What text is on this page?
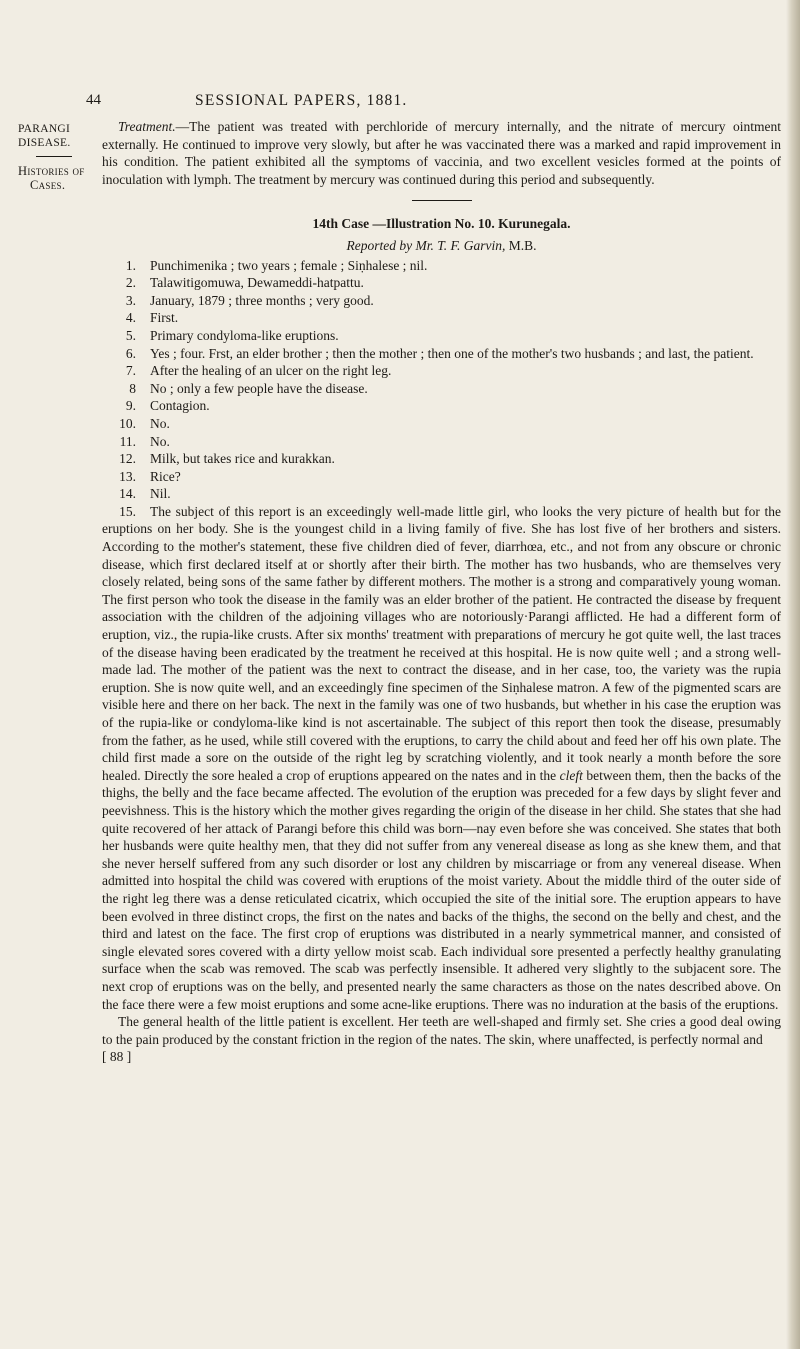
44	SESSIONAL PAPERS, 1881.
PARANGI
DISEASE.
Histories of
Cases.

Treatment.—The patient was treated with perchloride of mercury internally, and the nitrate of mercury ointment externally. He continued to improve very slowly, but after he was vaccinated there was a marked and rapid improvement in his condition. The patient exhibited all the symptoms of vaccinia, and two excellent vesicles formed at the points of inoculation with lymph. The treatment by mercury was continued during this period and subsequently.

14th Case —Illustration No. 10. Kurunegala.
Reported by Mr. T. F. Garvin, M.B.
1. Punchimenika ; two years ; female ; Siṇhalese ; nil.
2. Talawitigomuwa, Dewameddi-hatpattu.
3. January, 1879 ; three months ; very good.
4. First.
5. Primary condyloma-like eruptions.
6. Yes ; four. Frst, an elder brother ; then the mother ; then one of the mother's two husbands ; and last, the patient.
7. After the healing of an ulcer on the right leg.
8 No ; only a few people have the disease.
9. Contagion.
10. No.
11. No.
12. Milk, but takes rice and kurakkan.
13. Rice?
14. Nil.
15. The subject of this report is an exceedingly well-made little girl, who looks the very picture of health but for the eruptions on her body. She is the youngest child in a living family of five. She has lost five of her brothers and sisters. According to the mother's statement, these five children died of fever, diarrhœa, etc., and not from any obscure or chronic disease, which first declared itself at or shortly after their birth. The mother has two husbands, who are themselves very closely related, being sons of the same father by different mothers. The mother is a strong and comparatively young woman. The first person who took the disease in the family was an elder brother of the patient. He contracted the disease by frequent association with the children of the adjoining villages who are notoriously·Parangi afflicted. He had a different form of eruption, viz., the rupia-like crusts. After six months' treatment with preparations of mercury he got quite well, the last traces of the disease having been eradicated by the treatment he received at this hospital. He is now quite well ; and a strong well-made lad. The mother of the patient was the next to contract the disease, and in her case, too, the variety was the rupia eruption. She is now quite well, and an exceedingly fine specimen of the Siṇhalese matron. A few of the pigmented scars are visible here and there on her back. The next in the family was one of two husbands, but whether in his case the eruption was of the rupia-like or condyloma-like kind is not ascertainable. The subject of this report then took the disease, presumably from the father, as he used, while still covered with the eruptions, to carry the child about and feed her off his own plate. The child first made a sore on the outside of the right leg by scratching violently, and it took nearly a month before the sore healed. Directly the sore healed a crop of eruptions appeared on the nates and in the cleft between them, then the backs of the thighs, the belly and the face became affected. The evolution of the eruption was preceded for a few days by slight fever and peevishness. This is the history which the mother gives regarding the origin of the disease in her child. She states that she had quite recovered of her attack of Parangi before this child was born—nay even before she was conceived. She states that both her husbands were quite healthy men, that they did not suffer from any venereal disease as long as she knew them, and that she never herself suffered from any such disorder or lost any children by miscarriage or from any venereal disease. When admitted into hospital the child was covered with eruptions of the moist variety. About the middle third of the outer side of the right leg there was a dense reticulated cicatrix, which occupied the site of the initial sore. The eruption appears to have been evolved in three distinct crops, the first on the nates and backs of the thighs, the second on the belly and chest, and the third and latest on the face. The first crop of eruptions was distributed in a nearly symmetrical manner, and consisted of single elevated sores covered with a dirty yellow moist scab. Each individual sore presented a perfectly healthy granulating surface when the scab was removed. The scab was perfectly insensible. It adhered very slightly to the subjacent sore. The next crop of eruptions was on the belly, and presented nearly the same characters as those on the nates described above. On the face there were a few moist eruptions and some acne-like eruptions. There was no induration at the basis of the eruptions.

The general health of the little patient is excellent. Her teeth are well-shaped and firmly set. She cries a good deal owing to the pain produced by the constant friction in the region of the nates. The skin, where unaffected, is perfectly normal and

[ 88 ]
